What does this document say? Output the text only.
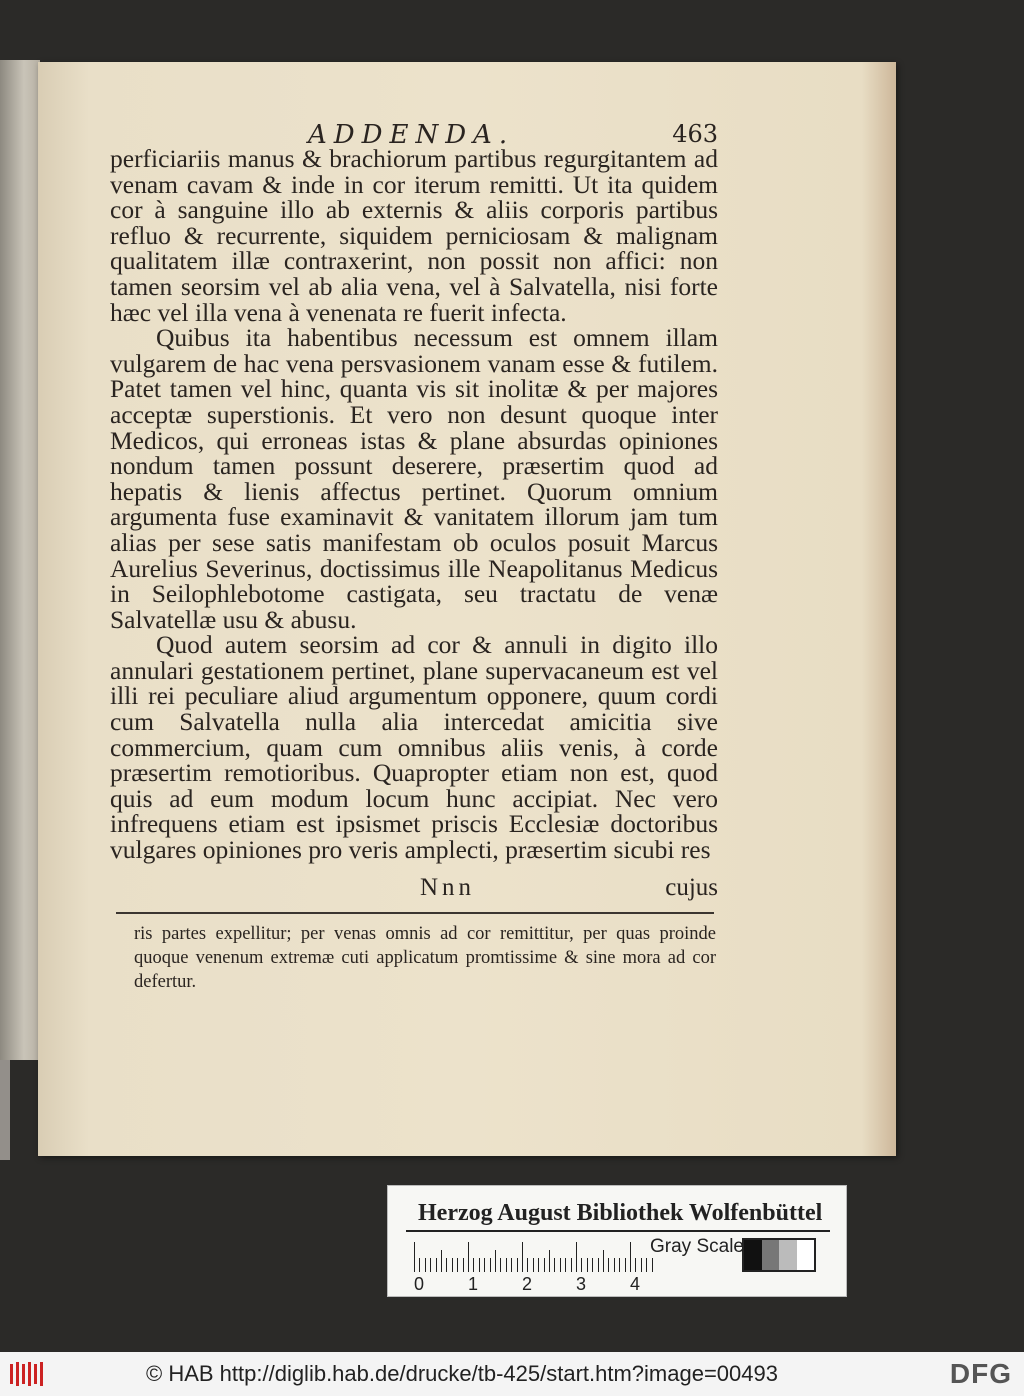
ADDENDA.	463

perficiariis manus & brachiorum partibus regurgitantem ad venam cavam & inde in cor iterum remitti. Ut ita quidem cor à sanguine illo ab externis & aliis corporis partibus refluo & recurrente, siquidem perniciosam & malignam qualitatem illæ contraxerint, non possit non affici: non tamen seorsim vel ab alia vena, vel à Salvatella, nisi forte hæc vel illa vena à venenata re fuerit infecta.

Quibus ita habentibus necessum est omnem illam vulgarem de hac vena persvasionem vanam esse & futilem. Patet tamen vel hinc, quanta vis sit inolitæ & per majores acceptæ superstionis. Et vero non desunt quoque inter Medicos, qui erroneas istas & plane absurdas opiniones nondum tamen possunt deserere, præsertim quod ad hepatis & lienis affectus pertinet. Quorum omnium argumenta fuse examinavit & vanitatem illorum jam tum alias per sese satis manifestam ob oculos posuit Marcus Aurelius Severinus, doctissimus ille Neapolitanus Medicus in Seilophlebotome castigata, seu tractatu de venæ Salvatellæ usu & abusu.

Quod autem seorsim ad cor & annuli in digito illo annulari gestationem pertinet, plane supervacaneum est vel illi rei peculiare aliud argumentum opponere, quum cordi cum Salvatella nulla alia intercedat amicitia sive commercium, quam cum omnibus aliis venis, à corde præsertim remotioribus. Quapropter etiam non est, quod quis ad eum modum locum hunc accipiat. Nec vero infrequens etiam est ipsismet priscis Ecclesiæ doctoribus vulgares opiniones pro veris amplecti, præsertim sicubi res

Nnn	cujus

ris partes expellitur; per venas omnis ad cor remittitur, per quas proinde quoque venenum extremæ cuti applicatum promtissime & sine mora ad cor defertur.

Herzog August Bibliothek Wolfenbüttel
0 1 2 3 4
Gray Scale
© HAB http://diglib.hab.de/drucke/tb-425/start.htm?image=00493	DFG
